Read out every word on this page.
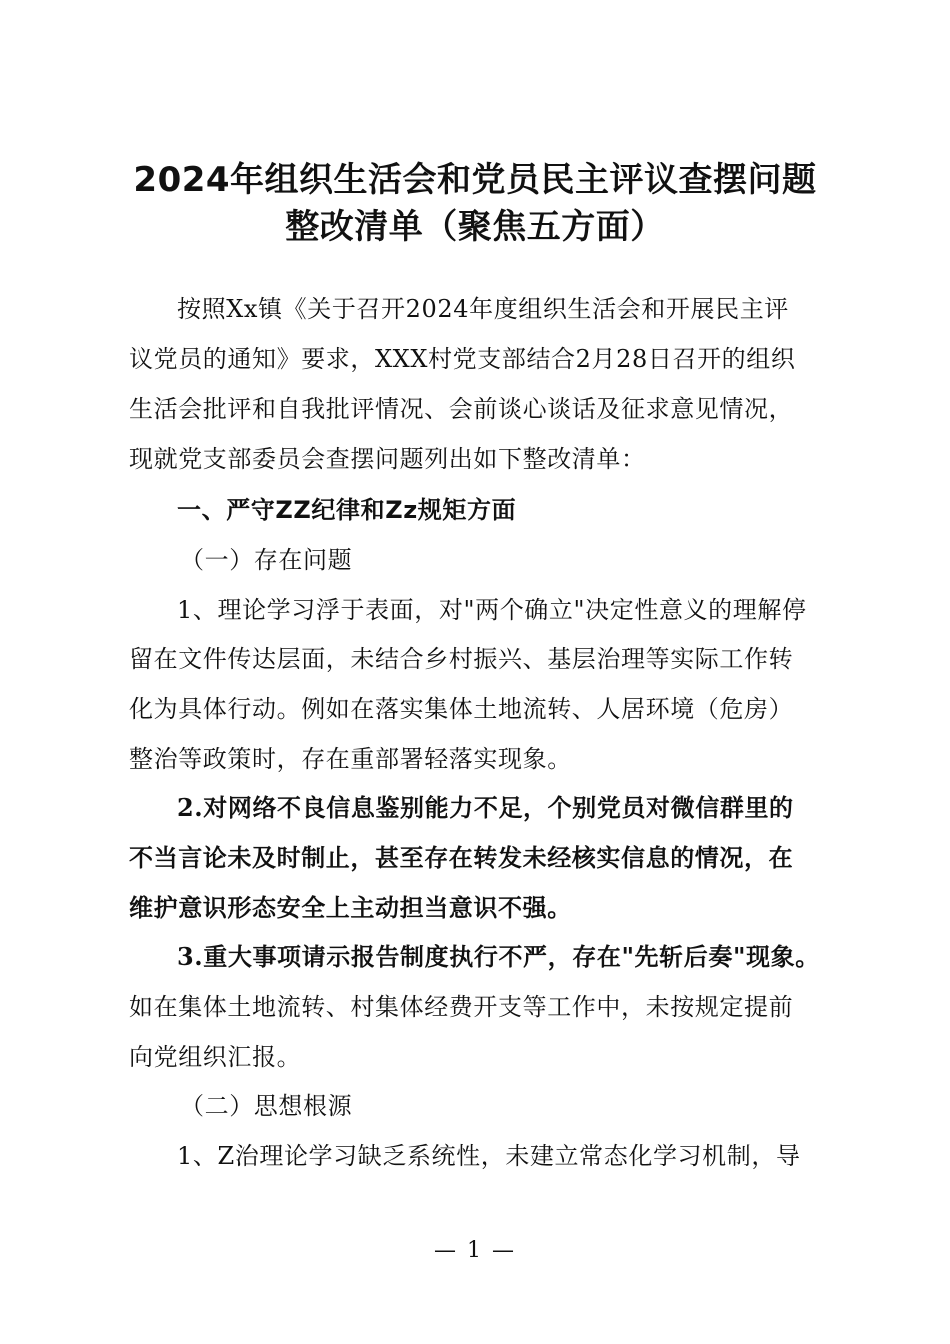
2024年组织生活会和党员民主评议查摆问题
整改清单（聚焦五方面）
按照Xx镇《关于召开2024年度组织生活会和开展民主评
议党员的通知》要求，XXX村党支部结合2月28日召开的组织
生活会批评和自我批评情况、会前谈心谈话及征求意见情况，
现就党支部委员会查摆问题列出如下整改清单：
一、严守ZZ纪律和Zz规矩方面
（一）存在问题
1、理论学习浮于表面，对"两个确立"决定性意义的理解停
留在文件传达层面，未结合乡村振兴、基层治理等实际工作转
化为具体行动。例如在落实集体土地流转、人居环境（危房）
整治等政策时，存在重部署轻落实现象。
2.对网络不良信息鉴别能力不足，个别党员对微信群里的
不当言论未及时制止，甚至存在转发未经核实信息的情况，在
维护意识形态安全上主动担当意识不强。
3.重大事项请示报告制度执行不严，存在"先斩后奏"现象。
如在集体土地流转、村集体经费开支等工作中，未按规定提前
向党组织汇报。
（二）思想根源
1、Z治理论学习缺乏系统性，未建立常态化学习机制，导
— 1 —
